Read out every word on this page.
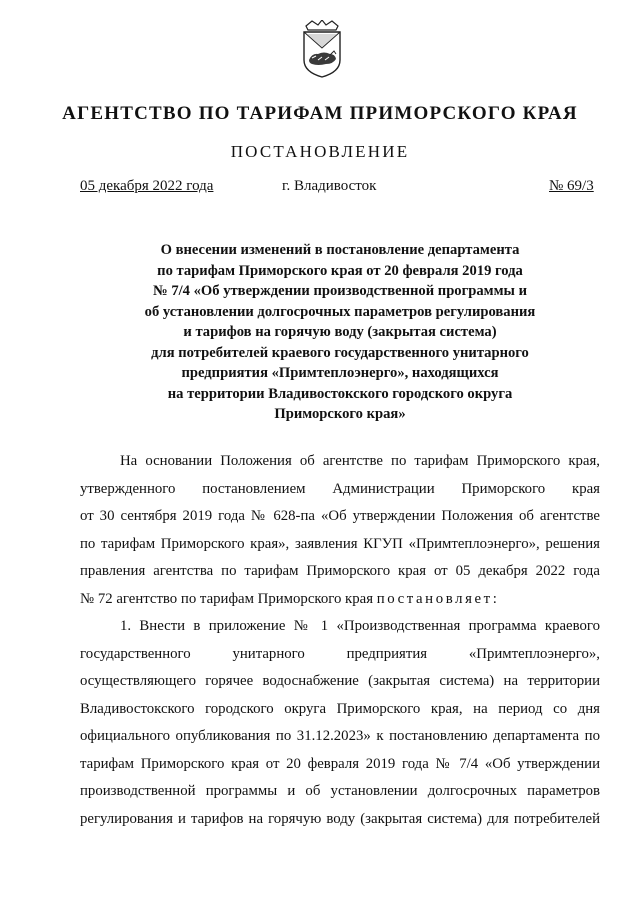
АГЕНТСТВО ПО ТАРИФАМ ПРИМОРСКОГО КРАЯ
ПОСТАНОВЛЕНИЕ
05 декабря 2022 года	г. Владивосток	№ 69/3
О внесении изменений в постановление департамента
по тарифам Приморского края от 20 февраля 2019 года
№ 7/4 «Об утверждении производственной программы и
об установлении долгосрочных параметров регулирования
и тарифов на горячую воду (закрытая система)
для потребителей краевого государственного унитарного
предприятия «Примтеплоэнерго», находящихся
на территории Владивостокского городского округа
Приморского края»
На основании Положения об агентстве по тарифам Приморского края,
утвержденного постановлением Администрации Приморского края
от 30 сентября 2019 года № 628-па «Об утверждении Положения об агентстве
по тарифам Приморского края», заявления КГУП «Примтеплоэнерго», решения
правления агентства по тарифам Приморского края от 05 декабря 2022 года
№ 72 агентство по тарифам Приморского края постановляет:
1. Внести в приложение № 1 «Производственная программа краевого
государственного	унитарного	предприятия	«Примтеплоэнерго»,
осуществляющего горячее водоснабжение (закрытая система) на территории
Владивостокского городского округа Приморского края, на период со дня
официального опубликования по 31.12.2023» к постановлению департамента по
тарифам Приморского края от 20 февраля 2019 года № 7/4 «Об утверждении
производственной программы и об установлении долгосрочных параметров
регулирования и тарифов на горячую воду (закрытая система) для потребителей
